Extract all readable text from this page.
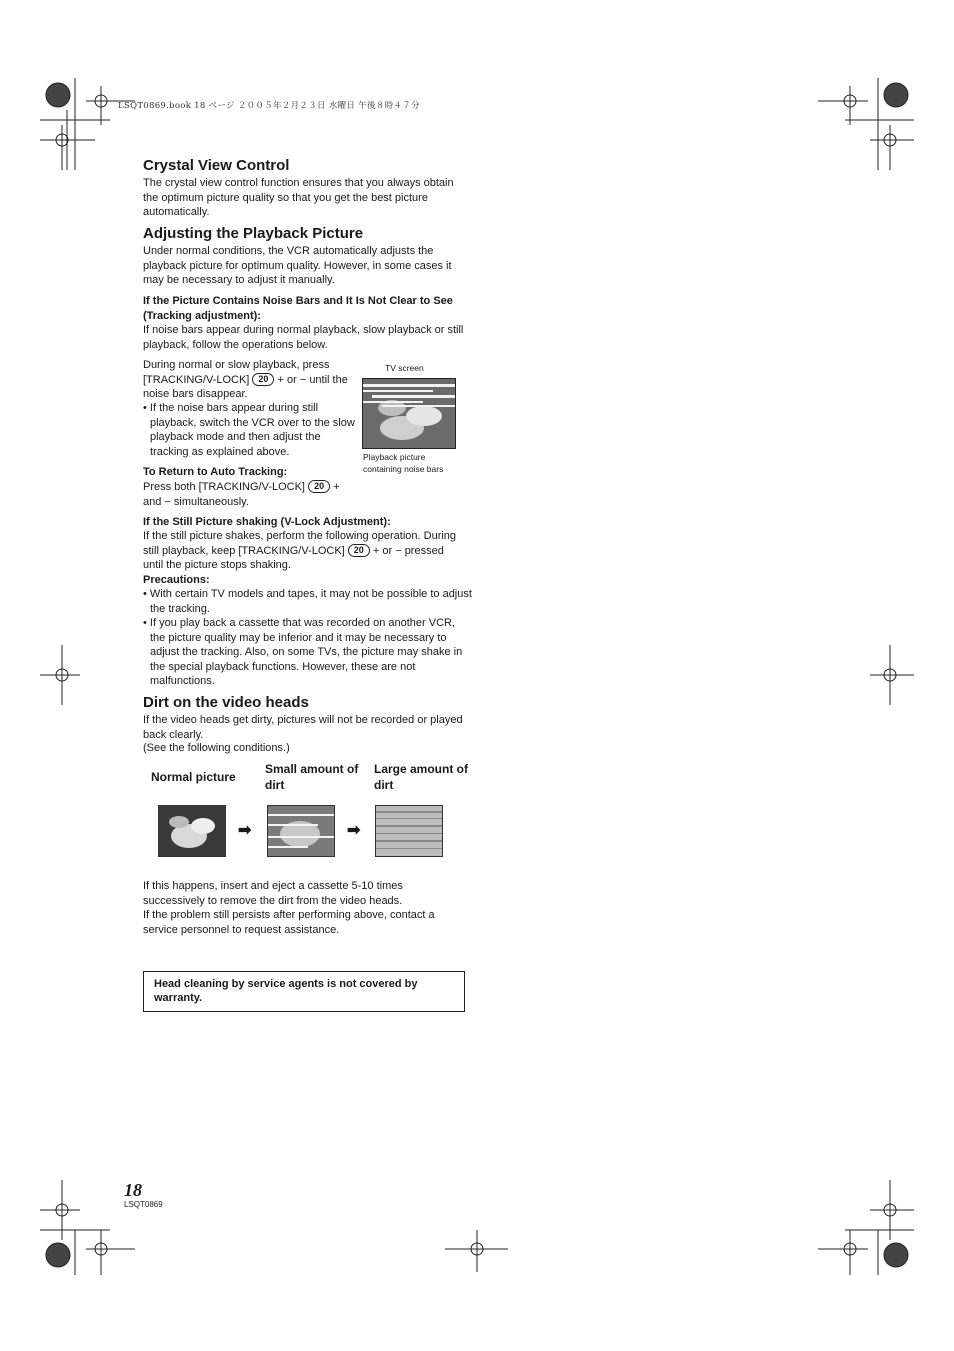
LSQT0869.book 18 ページ ２００５年２月２３日 水曜日 午後８時４７分
Crystal View Control

The crystal view control function ensures that you always obtain the optimum picture quality so that you get the best picture automatically.

Adjusting the Playback Picture

Under normal conditions, the VCR automatically adjusts the playback picture for optimum quality. However, in some cases it may be necessary to adjust it manually.

If the Picture Contains Noise Bars and It Is Not Clear to See (Tracking adjustment):

If noise bars appear during normal playback, slow playback or still playback, follow the operations below.

During normal or slow playback, press [TRACKING/V-LOCK] 20 + or − until the noise bars disappear.

• If the noise bars appear during still playback, switch the VCR over to the slow playback mode and then adjust the tracking as explained above.

TV screen
Playback picture containing noise bars

To Return to Auto Tracking:

Press both [TRACKING/V-LOCK] 20 + and − simultaneously.

If the Still Picture shaking (V-Lock Adjustment):

If the still picture shakes, perform the following operation. During still playback, keep [TRACKING/V-LOCK] 20 + or − pressed until the picture stops shaking.

Precautions:

• With certain TV models and tapes, it may not be possible to adjust the tracking.

• If you play back a cassette that was recorded on another VCR, the picture quality may be inferior and it may be necessary to adjust the tracking. Also, on some TVs, the picture may shake in the special playback functions. However, these are not malfunctions.

Dirt on the video heads

If the video heads get dirty, pictures will not be recorded or played back clearly.

(See the following conditions.)

Normal picture
Small amount of dirt
Large amount of dirt
➡	➡

If this happens, insert and eject a cassette 5-10 times successively to remove the dirt from the video heads.

If the problem still persists after performing above, contact a service personnel to request assistance.

Head cleaning by service agents is not covered by warranty.
18
LSQT0869
